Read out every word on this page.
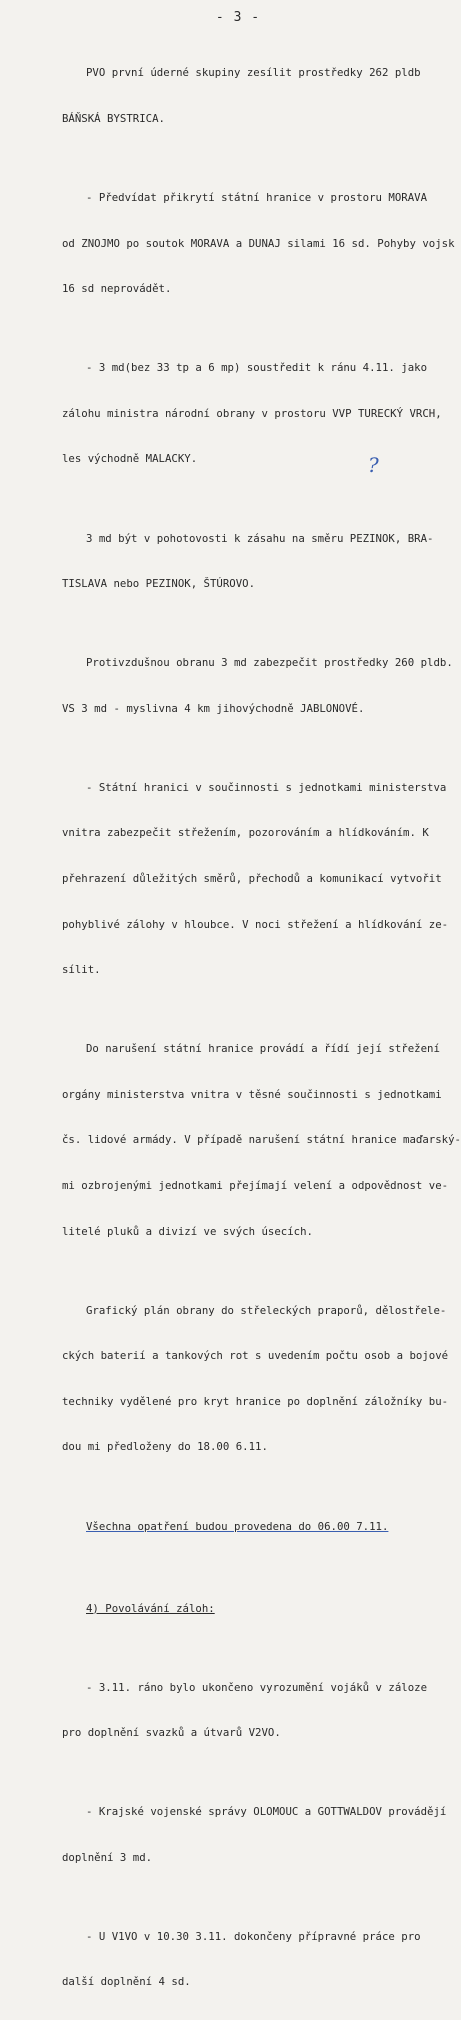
- 3 -

PVO první úderné skupiny zesílit prostředky 262 pldb

BÁŇSKÁ BYSTRICA.

- Předvídat přikrytí státní hranice v prostoru MORAVA

od ZNOJMO po soutok MORAVA a DUNAJ silami 16 sd. Pohyby vojsk

16 sd neprovádět.

- 3 md(bez 33 tp a 6 mp) soustředit k ránu 4.11. jako

zálohu ministra národní obrany v prostoru VVP TURECKÝ VRCH,

les východně MALACKY.

3 md být v pohotovosti k zásahu na směru PEZINOK, BRA-

TISLAVA nebo PEZINOK, ŠTÚROVO.

Protivzdušnou obranu 3 md zabezpečit prostředky 260 pldb.

VS 3 md - myslivna 4 km jihovýchodně JABLONOVÉ.

- Státní hranici v součinnosti s jednotkami ministerstva

vnitra zabezpečit střežením, pozorováním a hlídkováním. K

přehrazení důležitých směrů, přechodů a komunikací vytvořit

pohyblivé zálohy v hloubce. V noci střežení a hlídkování ze-

sílit.

Do narušení státní hranice provádí a řídí její střežení

orgány ministerstva vnitra v těsné součinnosti s jednotkami

čs. lidové armády. V případě narušení státní hranice maďarský-

mi ozbrojenými jednotkami přejímají velení a odpovědnost ve-

litelé pluků a divizí ve svých úsecích.

Grafický plán obrany do střeleckých praporů, dělostřele-

ckých baterií a tankových rot s uvedením počtu osob a bojové

techniky vydělené pro kryt hranice po doplnění záložníky bu-

dou mi předloženy do 18.00 6.11.

Všechna opatření budou provedena do 06.00 7.11.

4) Povolávání záloh:

- 3.11. ráno bylo ukončeno vyrozumění vojáků v záloze

pro doplnění svazků a útvarů V2VO.

- Krajské vojenské správy OLOMOUC a GOTTWALDOV provádějí

doplnění 3 md.

- U V1VO v 10.30 3.11. dokončeny přípravné práce pro

další doplnění 4 sd.

?
